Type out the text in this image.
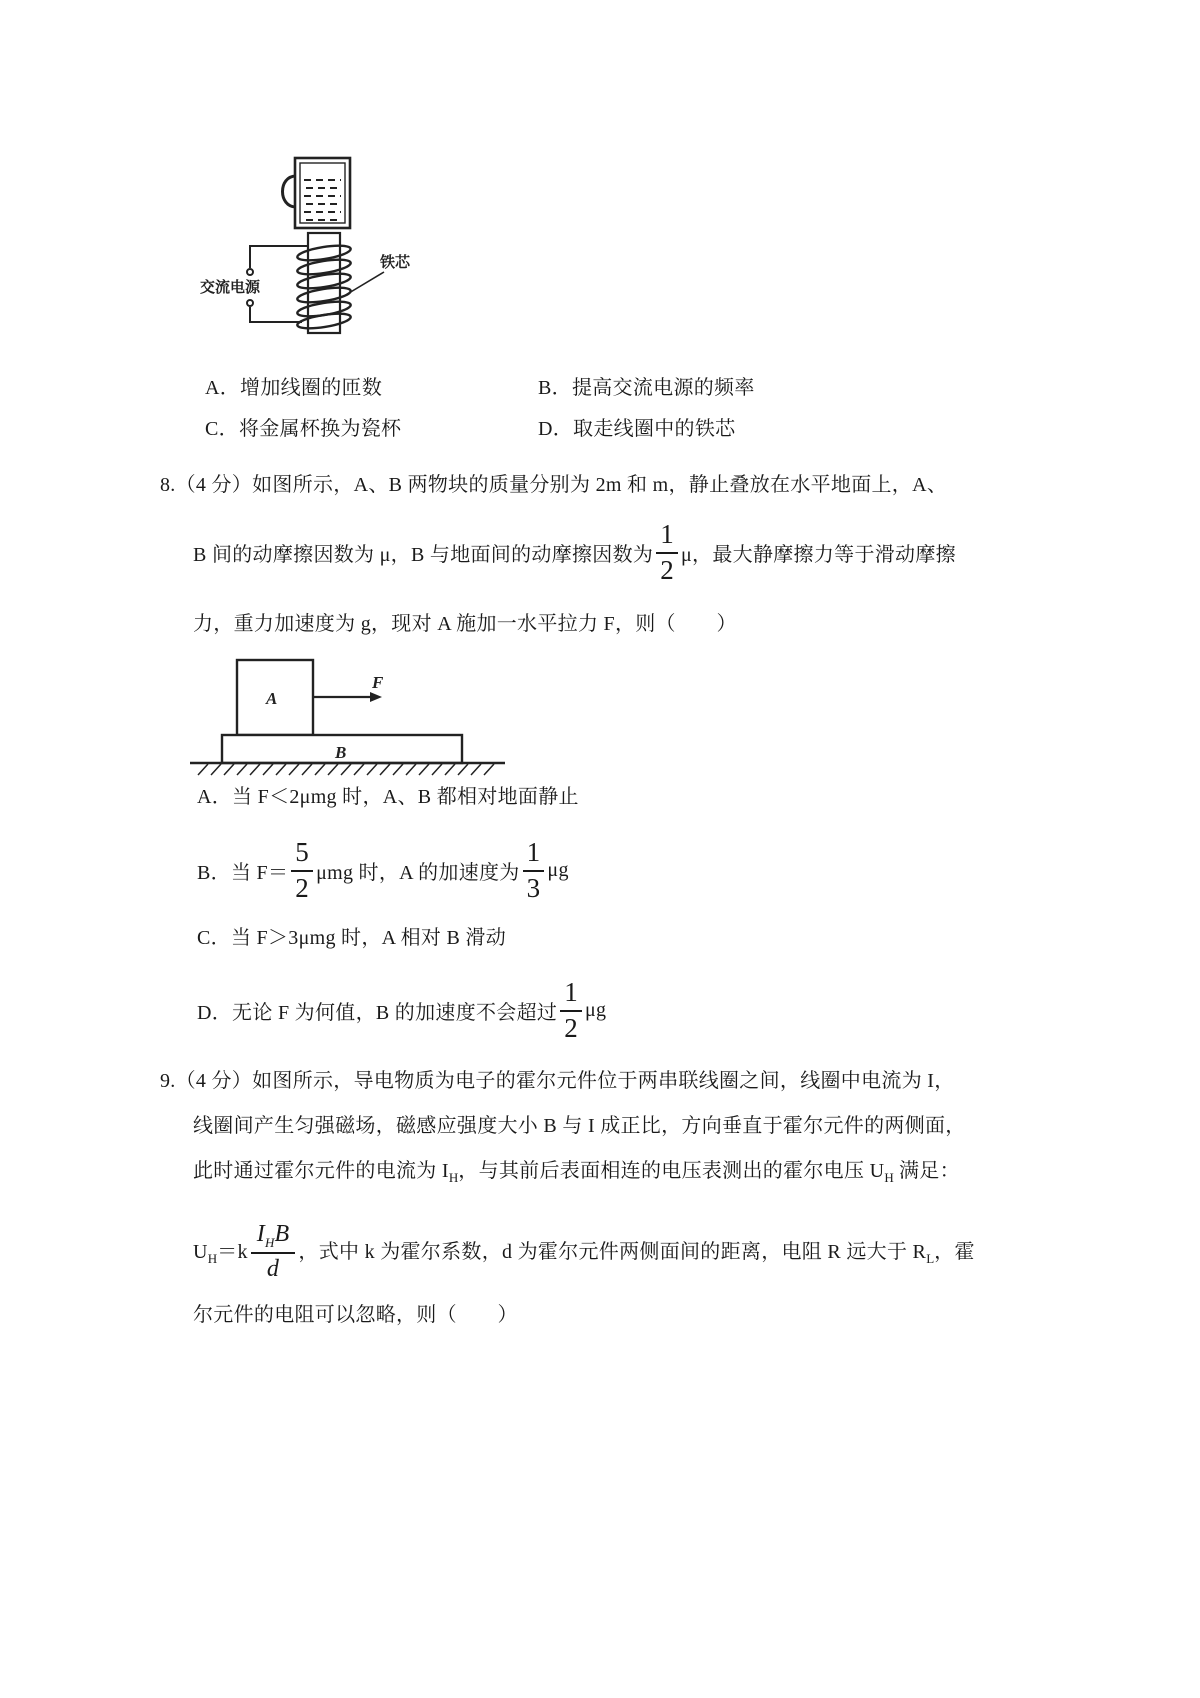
交流电源
铁芯
A．增加线圈的匝数	B．提高交流电源的频率
C．将金属杯换为瓷杯	D．取走线圈中的铁芯
8.（4 分）如图所示，A、B 两物块的质量分别为 2m 和 m，静止叠放在水平地面上，A、
B 间的动摩擦因数为 μ，B 与地面间的动摩擦因数为 $\frac{1}{2}$ μ，最大静摩擦力等于滑动摩擦
力，重力加速度为 g，现对 A 施加一水平拉力 F，则（　　）
A
B
F
A．当 F＜2μmg 时，A、B 都相对地面静止
B．当 $F= \frac{5}{2}$ μmg 时，A 的加速度为 $\frac{1}{3}$ μg
C．当 F＞3μmg 时，A 相对 B 滑动
D．无论 F 为何值，B 的加速度不会超过 $\frac{1}{2}$ μg
9.（4 分）如图所示，导电物质为电子的霍尔元件位于两串联线圈之间，线圈中电流为 I，
线圈间产生匀强磁场，磁感应强度大小 B 与 I 成正比，方向垂直于霍尔元件的两侧面，
此时通过霍尔元件的电流为 $I_H$，与其前后表面相连的电压表测出的霍尔电压 $U_H$ 满足：
$U_H=k \frac{I_HB}{d}$ ，式中 k 为霍尔系数，d 为霍尔元件两侧面间的距离，电阻 R 远大于 $R_L$，霍
尔元件的电阻可以忽略，则（　　）
